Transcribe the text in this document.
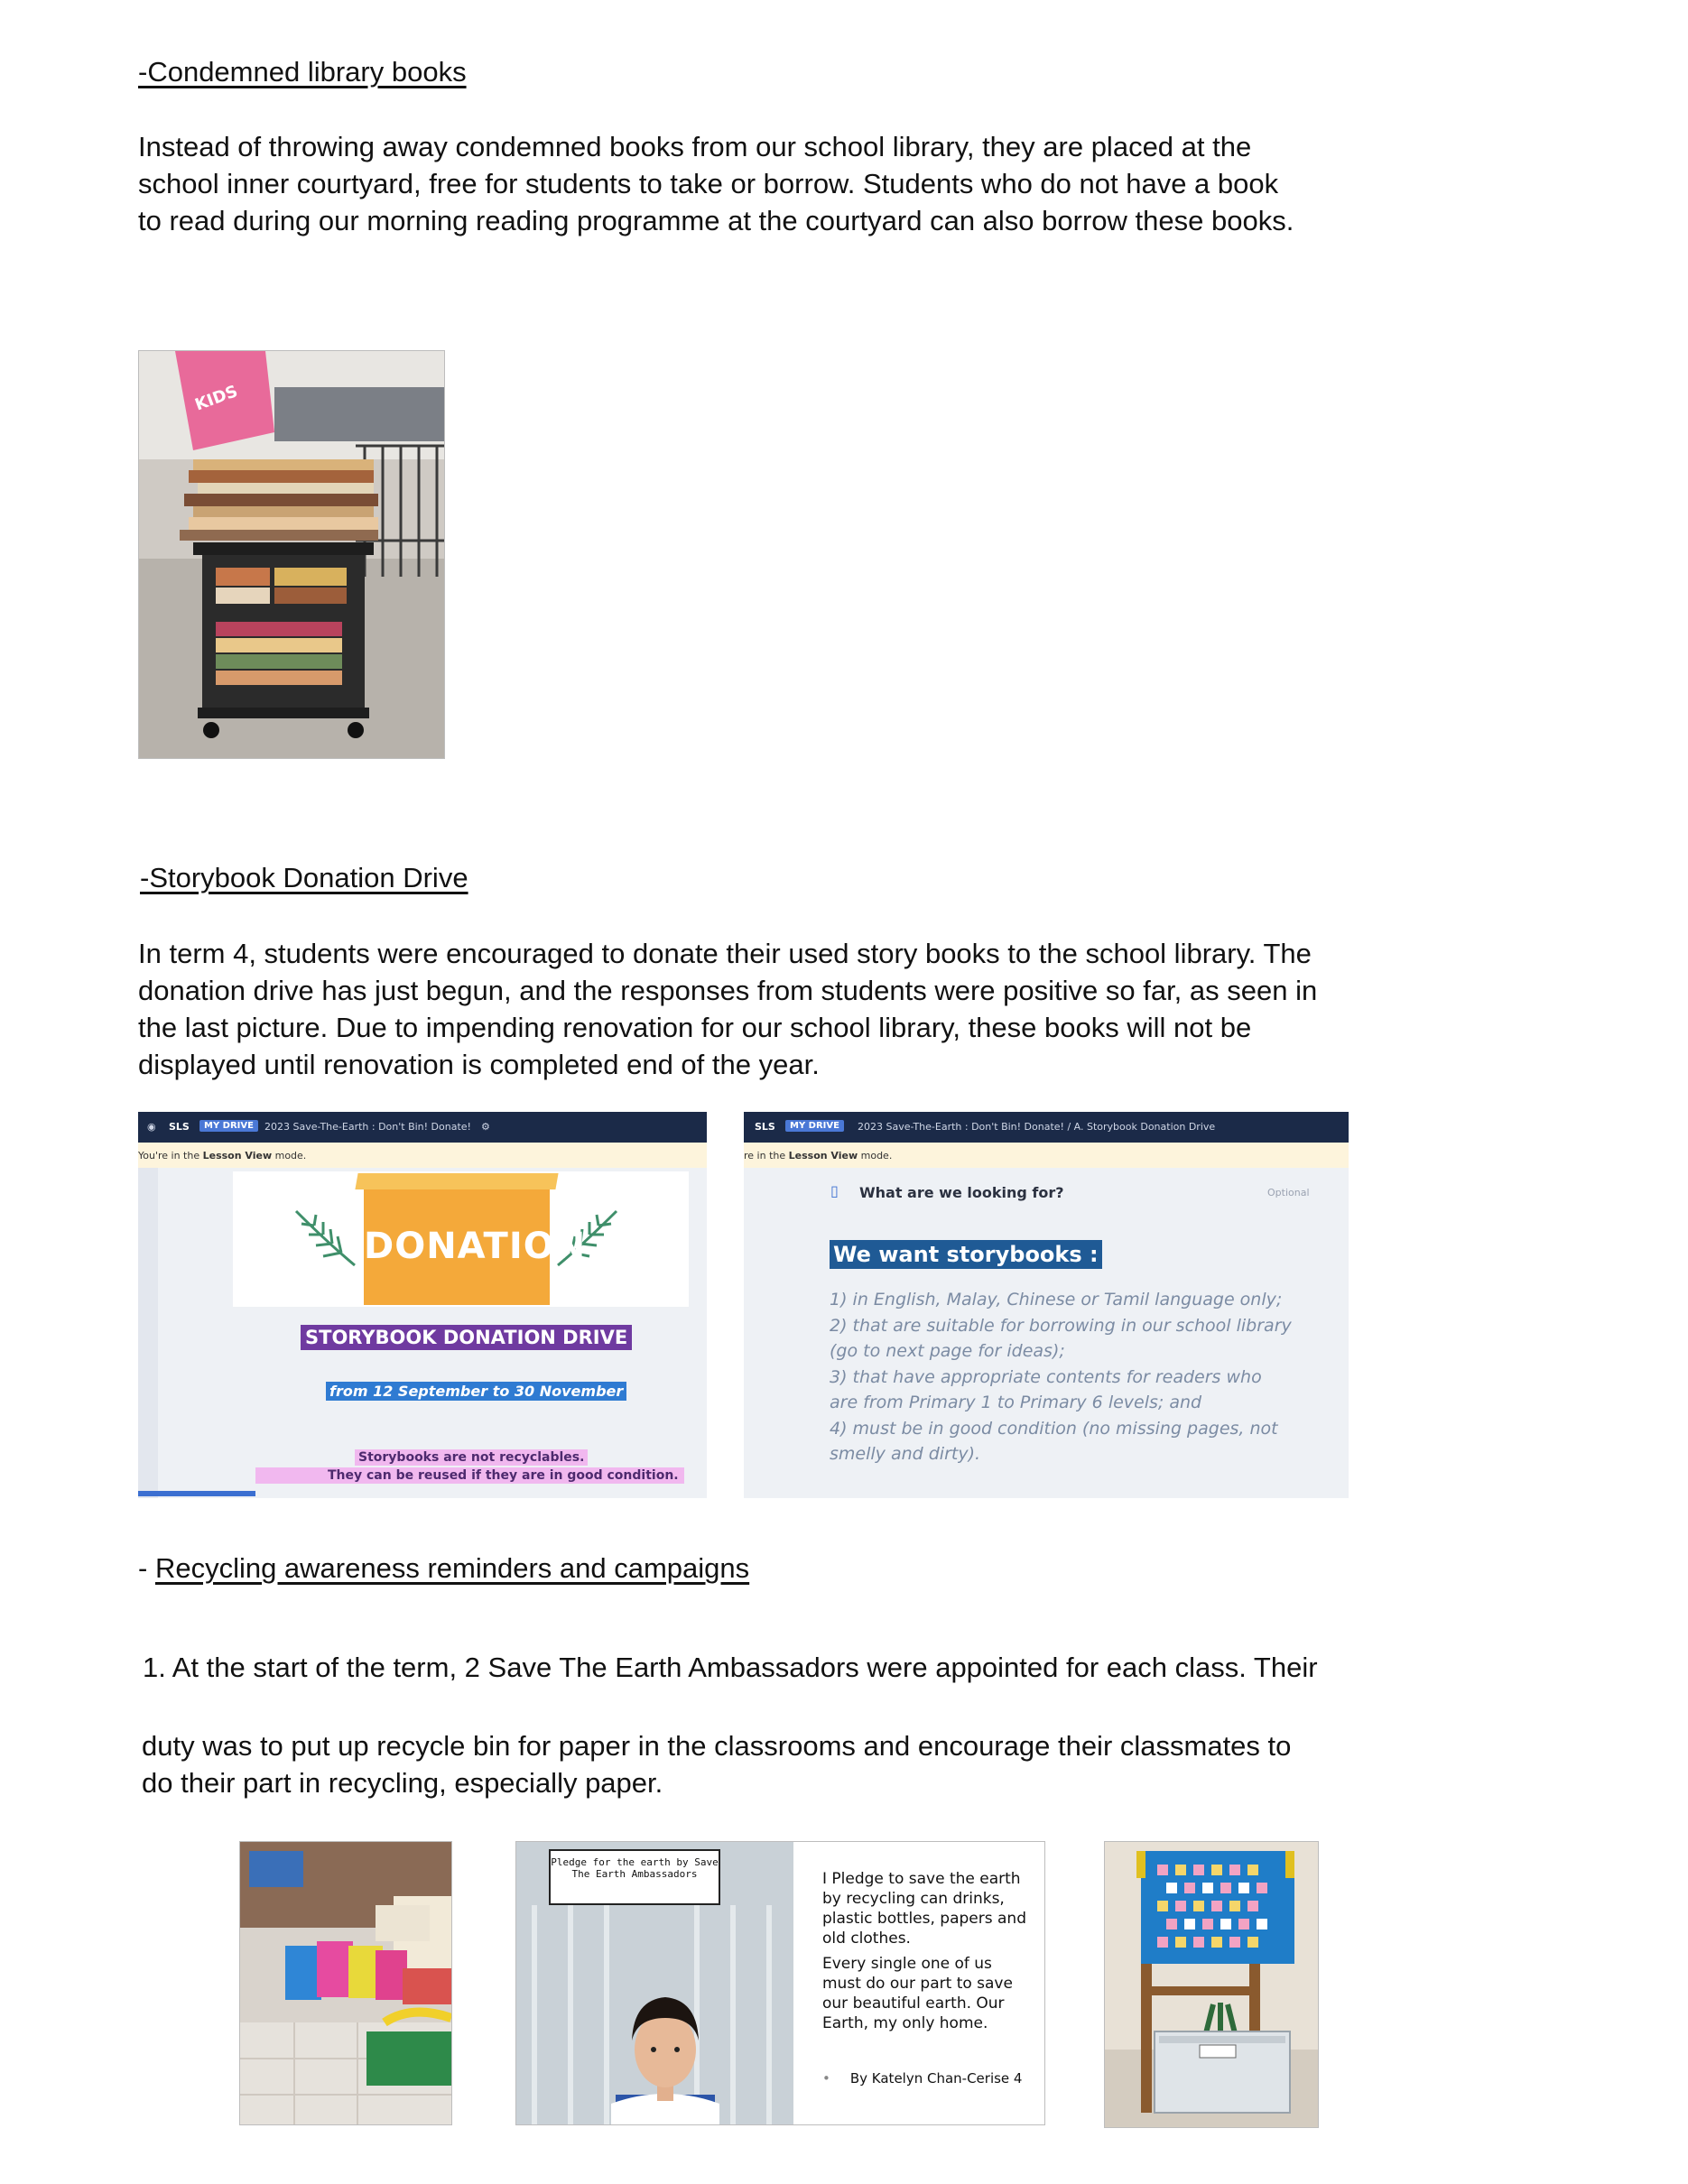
-Condemned library books
Instead of throwing away condemned books from our school library, they are placed at the
school inner courtyard, free for students to take or borrow. Students who do not have a book
to read during our morning reading programme at the courtyard can also borrow these books.
KIDS
-Storybook Donation Drive
In term 4, students were encouraged to donate their used story books to the school library. The
donation drive has just begun, and the responses from students were positive so far, as seen in
the last picture. Due to impending renovation for our school library, these books will not be
displayed until renovation is completed end of the year.
◉ SLS	MY DRIVE	2023 Save-The-Earth : Don't Bin! Donate! ⚙
You're in the Lesson View mode.
DONATION
STORYBOOK DONATION DRIVE
from 12 September to 30 November
Storybooks are not recyclables.
They can be reused if they are in good condition.
SLS	MY DRIVE	2023 Save-The-Earth : Don't Bin! Donate! / A. Storybook Donation Drive
re in the Lesson View mode.
▯ What are we looking for?	Optional
We want storybooks :
1) in English, Malay, Chinese or Tamil language only;
2) that are suitable for borrowing in our school library
(go to next page for ideas);
3) that have appropriate contents for readers who
are from Primary 1 to Primary 6 levels; and
4) must be in good condition (no missing pages, not
smelly and dirty).
- Recycling awareness reminders and campaigns
1. At the start of the term, 2 Save The Earth Ambassadors were appointed for each class. Their
duty was to put up recycle bin for paper in the classrooms and encourage their classmates to
do their part in recycling, especially paper.
Pledge for the earth by Save The Earth Ambassadors	I Pledge to save the earth by recycling can drinks, plastic bottles, papers and old clothes.
Every single one of us must do our part to save our beautiful earth. Our Earth, my only home.
• By Katelyn Chan-Cerise 4
